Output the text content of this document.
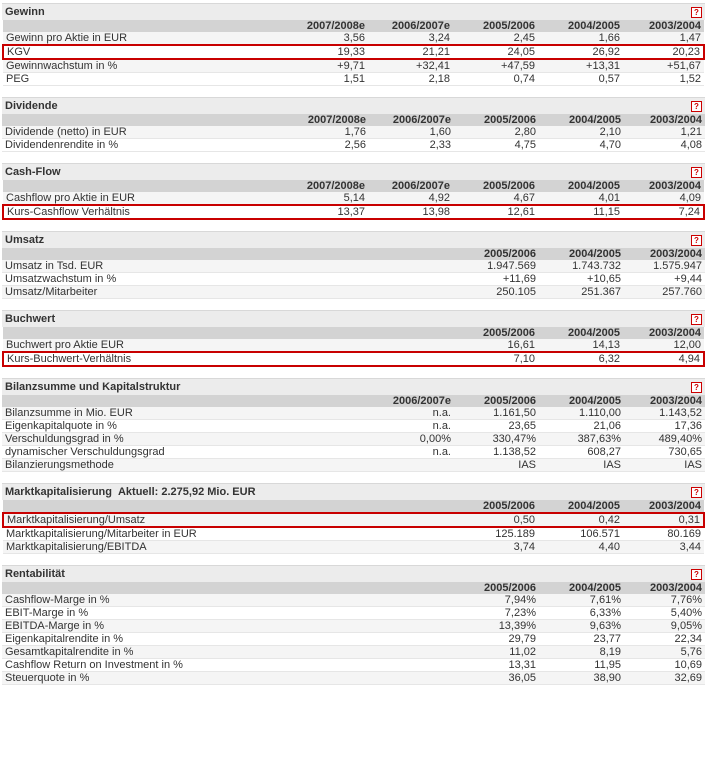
Gewinn	?
	2007/2008e	2006/2007e	2005/2006	2004/2005	2003/2004
Gewinn pro Aktie in EUR	3,56	3,24	2,45	1,66	1,47
KGV	19,33	21,21	24,05	26,92	20,23
Gewinnwachstum in %	+9,71	+32,41	+47,59	+13,31	+51,67
PEG	1,51	2,18	0,74	0,57	1,52
Dividende	?
	2007/2008e	2006/2007e	2005/2006	2004/2005	2003/2004
Dividende (netto) in EUR	1,76	1,60	2,80	2,10	1,21
Dividendenrendite in %	2,56	2,33	4,75	4,70	4,08
Cash-Flow	?
	2007/2008e	2006/2007e	2005/2006	2004/2005	2003/2004
Cashflow pro Aktie in EUR	5,14	4,92	4,67	4,01	4,09
Kurs-Cashflow Verhältnis	13,37	13,98	12,61	11,15	7,24
Umsatz	?
	2005/2006	2004/2005	2003/2004
Umsatz in Tsd. EUR	1.947.569	1.743.732	1.575.947
Umsatzwachstum in %	+11,69	+10,65	+9,44
Umsatz/Mitarbeiter	250.105	251.367	257.760
Buchwert	?
	2005/2006	2004/2005	2003/2004
Buchwert pro Aktie EUR	16,61	14,13	12,00
Kurs-Buchwert-Verhältnis	7,10	6,32	4,94
Bilanzsumme und Kapitalstruktur	?
	2006/2007e	2005/2006	2004/2005	2003/2004
Bilanzsumme in Mio. EUR	n.a.	1.161,50	1.110,00	1.143,52
Eigenkapitalquote in %	n.a.	23,65	21,06	17,36
Verschuldungsgrad in %	0,00%	330,47%	387,63%	489,40%
dynamischer Verschuldungsgrad	n.a.	1.138,52	608,27	730,65
Bilanzierungsmethode		IAS	IAS	IAS
Marktkapitalisierung Aktuell: 2.275,92 Mio. EUR	?
	2005/2006	2004/2005	2003/2004
Marktkapitalisierung/Umsatz	0,50	0,42	0,31
Marktkapitalisierung/Mitarbeiter in EUR	125.189	106.571	80.169
Marktkapitalisierung/EBITDA	3,74	4,40	3,44
Rentabilität	?
	2005/2006	2004/2005	2003/2004
Cashflow-Marge in %	7,94%	7,61%	7,76%
EBIT-Marge in %	7,23%	6,33%	5,40%
EBITDA-Marge in %	13,39%	9,63%	9,05%
Eigenkapitalrendite in %	29,79	23,77	22,34
Gesamtkapitalrendite in %	11,02	8,19	5,76
Cashflow Return on Investment in %	13,31	11,95	10,69
Steuerquote in %	36,05	38,90	32,69
